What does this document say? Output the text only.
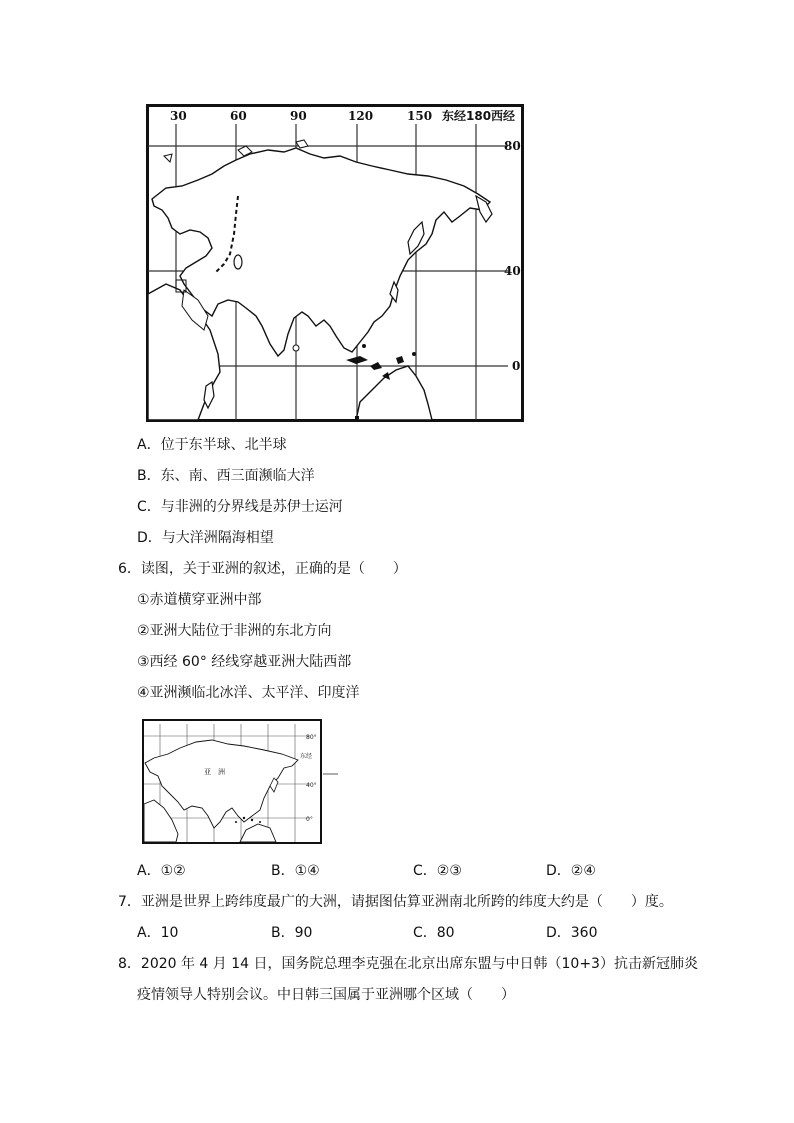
30	60	90	120	150 东经180西经
80
40
0
A．位于东半球、北半球
B．东、南、西三面濒临大洋
C．与非洲的分界线是苏伊士运河
D．与大洋洲隔海相望
6．读图，关于亚洲的叙述，正确的是（　　）
①赤道横穿亚洲中部
②亚洲大陆位于非洲的东北方向
③西经 60° 经线穿越亚洲大陆西部
④亚洲濒临北冰洋、太平洋、印度洋
亚　洲
80°
40°
0°
东经
A．①②	B．①④	C．②③	D．②④
7．亚洲是世界上跨纬度最广的大洲，请据图估算亚洲南北所跨的纬度大约是（　　）度。
A．10	B．90	C．80	D．360
8．2020 年 4 月 14 日，国务院总理李克强在北京出席东盟与中日韩（10+3）抗击新冠肺炎
疫情领导人特别会议。中日韩三国属于亚洲哪个区域（　　）
